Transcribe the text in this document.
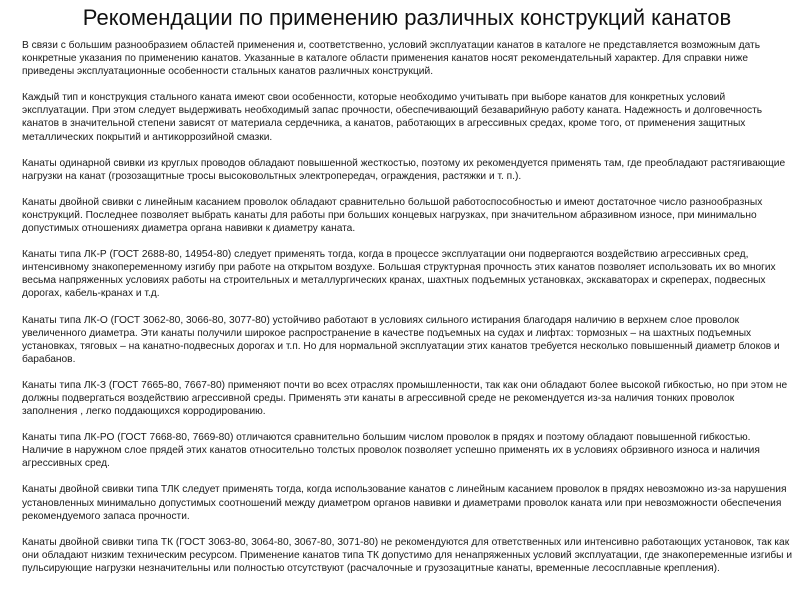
Рекомендации по применению различных конструкций канатов

В связи с большим разнообразием областей применения и, соответственно, условий эксплуатации канатов в каталоге не представляется возможным дать конкретные указания по применению канатов. Указанные в каталоге области применения канатов носят рекомендательный характер. Для справки ниже приведены эксплуатационные особенности стальных канатов различных конструкций.

Каждый тип и конструкция стального каната имеют свои особенности, которые необходимо учитывать при выборе канатов для конкретных условий эксплуатации. При этом следует выдерживать необходимый запас прочности, обеспечивающий безаварийную работу каната. Надежность и долговечность канатов в значительной степени зависят от материала сердечника, а канатов, работающих в агрессивных средах, кроме того, от применения защитных металлических покрытий и антикоррозийной смазки.

Канаты одинарной свивки из круглых проводов обладают повышенной жесткостью, поэтому их рекомендуется применять там, где преобладают растягивающие нагрузки на канат (грозозащитные тросы высоковольтных электропередач, ограждения, растяжки и т. п.).

Канаты двойной свивки с линейным касанием проволок обладают сравнительно большой работоспособностью и имеют достаточное число разнообразных конструкций. Последнее позволяет выбрать канаты для работы при больших концевых нагрузках, при значительном абразивном износе, при минимально допустимых отношениях диаметра органа навивки к диаметру каната.

Канаты типа ЛК-Р (ГОСТ 2688-80, 14954-80) следует применять тогда, когда в процессе эксплуатации они подвергаются воздействию агрессивных сред, интенсивному знакопеременному изгибу при работе на открытом воздухе. Большая структурная прочность этих канатов позволяет использовать их во многих весьма напряженных условиях работы на строительных и металлургических кранах, шахтных подъемных установках, экскаваторах и скреперах, подвесных дорогах, кабель-кранах и т.д.

Канаты типа ЛК-О (ГОСТ 3062-80, 3066-80, 3077-80) устойчиво работают в условиях сильного истирания благодаря наличию в верхнем слое проволок увеличенного диаметра. Эти канаты получили широкое распространение в качестве подъемных на судах и лифтах: тормозных – на шахтных подъемных установках, тяговых – на канатно-подвесных дорогах и т.п. Но для нормальной эксплуатации этих канатов требуется несколько повышенный диаметр блоков и барабанов.

Канаты типа ЛК-З (ГОСТ 7665-80, 7667-80) применяют почти во всех отраслях промышленности, так как они обладают более высокой гибкостью, но при этом не должны подвергаться воздействию агрессивной среды. Применять эти канаты в агрессивной среде не рекомендуется из-за наличия тонких проволок заполнения , легко поддающихся корродированию.

Канаты типа ЛК-РО (ГОСТ 7668-80, 7669-80) отличаются сравнительно большим числом проволок в прядях и поэтому обладают повышенной гибкостью. Наличие в наружном слое прядей этих канатов относительно толстых проволок позволяет успешно применять их в условиях обрзивного износа и наличия агрессивных сред.

Канаты двойной свивки типа ТЛК следует применять тогда, когда использование канатов с линейным касанием проволок в прядях невозможно из-за нарушения установленных минимально допустимых соотношений между диаметром органов навивки и диаметрами проволок каната или при невозможности обеспечения рекомендуемого запаса прочности.

Канаты двойной свивки типа ТК (ГОСТ 3063-80, 3064-80, 3067-80, 3071-80) не рекомендуются для ответственных или интенсивно работающих установок, так как они обладают низким техническим ресурсом. Применение канатов типа ТК допустимо для ненапряженных условий эксплуатации, где знакопеременные изгибы и пульсирующие нагрузки незначительны или полностью отсутствуют (расчалочные и грузозацитные канаты, временные лесосплавные крепления).
